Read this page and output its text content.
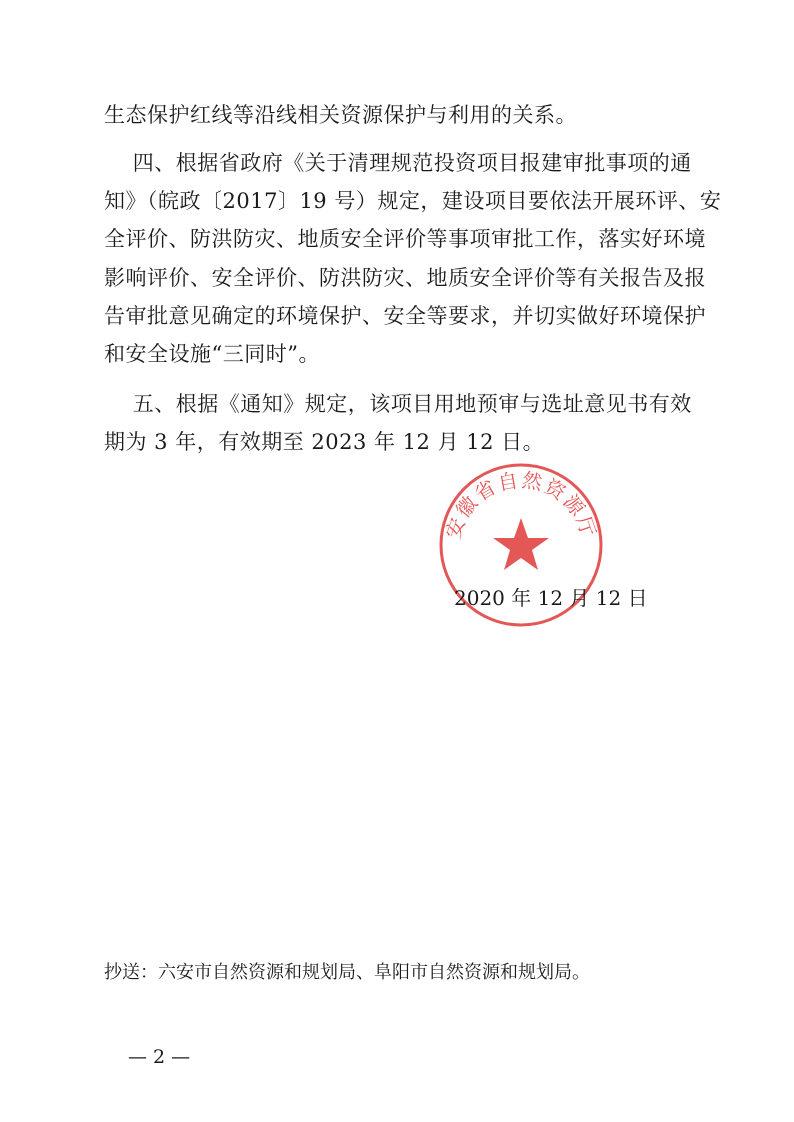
生态保护红线等沿线相关资源保护与利用的关系。
四、根据省政府《关于清理规范投资项目报建审批事项的通
知》（皖政〔2017〕19 号）规定，建设项目要依法开展环评、安
全评价、防洪防灾、地质安全评价等事项审批工作，落实好环境
影响评价、安全评价、防洪防灾、地质安全评价等有关报告及报
告审批意见确定的环境保护、安全等要求，并切实做好环境保护
和安全设施“三同时”。
五、根据《通知》规定，该项目用地预审与选址意见书有效
期为 3 年，有效期至 2023 年 12 月 12 日。
安徽省自然资源厅
2020 年 12 月 12 日
抄送：六安市自然资源和规划局、阜阳市自然资源和规划局。
— 2 —
